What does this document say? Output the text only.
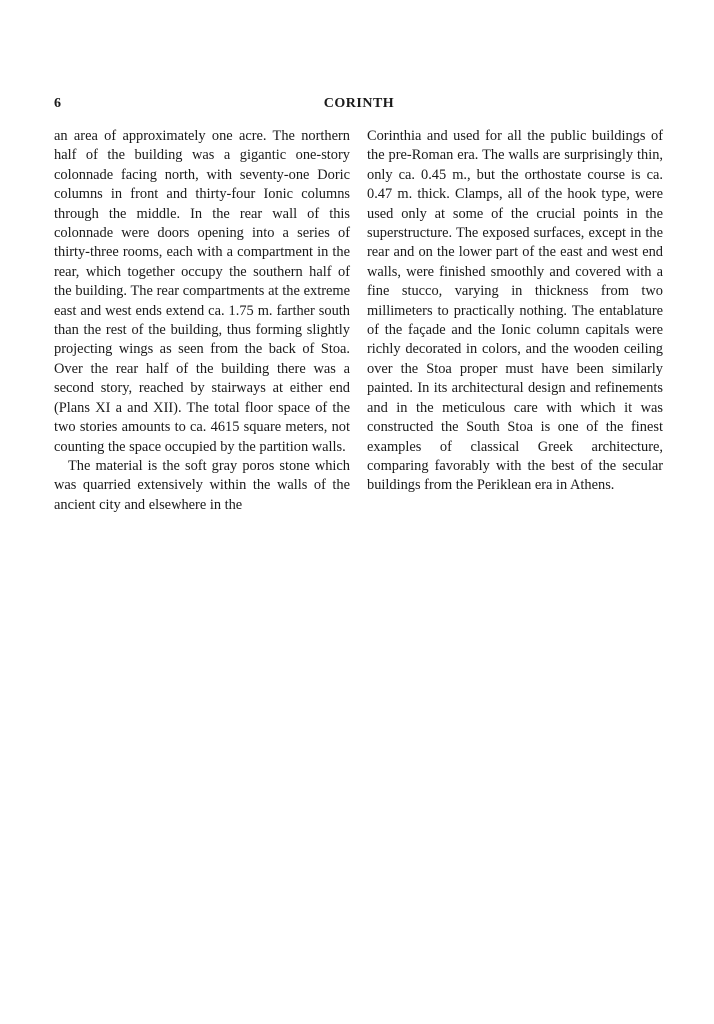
6	CORINTH

an area of approximately one acre. The northern half of the building was a gigantic one-story colonnade facing north, with seventy-one Doric columns in front and thirty-four Ionic columns through the middle. In the rear wall of this colonnade were doors opening into a series of thirty-three rooms, each with a compartment in the rear, which together occupy the southern half of the building. The rear compartments at the extreme east and west ends extend ca. 1.75 m. farther south than the rest of the building, thus forming slightly projecting wings as seen from the back of Stoa. Over the rear half of the building there was a second story, reached by stairways at either end (Plans XI a and XII). The total floor space of the two stories amounts to ca. 4615 square meters, not counting the space occupied by the partition walls.

The material is the soft gray poros stone which was quarried extensively within the walls of the ancient city and elsewhere in the

Corinthia and used for all the public buildings of the pre-Roman era. The walls are surprisingly thin, only ca. 0.45 m., but the orthostate course is ca. 0.47 m. thick. Clamps, all of the hook type, were used only at some of the crucial points in the superstructure. The exposed surfaces, except in the rear and on the lower part of the east and west end walls, were finished smoothly and covered with a fine stucco, varying in thickness from two millimeters to practically nothing. The entablature of the façade and the Ionic column capitals were richly decorated in colors, and the wooden ceiling over the Stoa proper must have been similarly painted. In its architectural design and refinements and in the meticulous care with which it was constructed the South Stoa is one of the finest examples of classical Greek architecture, comparing favorably with the best of the secular buildings from the Periklean era in Athens.
